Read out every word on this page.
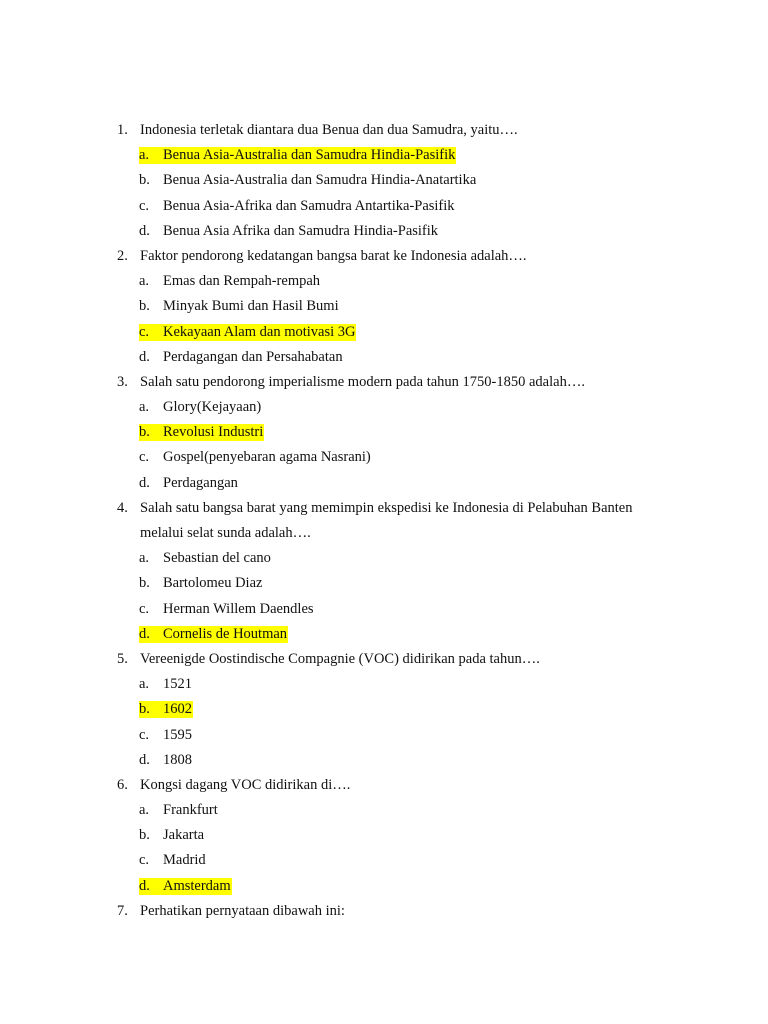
1. Indonesia terletak diantara dua Benua dan dua Samudra, yaitu….
a. Benua Asia-Australia dan Samudra Hindia-Pasifik
b. Benua Asia-Australia dan Samudra Hindia-Anatartika
c. Benua Asia-Afrika dan Samudra Antartika-Pasifik
d. Benua Asia Afrika dan Samudra Hindia-Pasifik
2. Faktor pendorong kedatangan bangsa barat ke Indonesia adalah….
a. Emas dan Rempah-rempah
b. Minyak Bumi dan Hasil Bumi
c. Kekayaan Alam dan motivasi 3G
d. Perdagangan dan Persahabatan
3. Salah satu pendorong imperialisme modern pada tahun 1750-1850 adalah….
a. Glory(Kejayaan)
b. Revolusi Industri
c. Gospel(penyebaran agama Nasrani)
d. Perdagangan
4. Salah satu bangsa barat yang memimpin ekspedisi ke Indonesia di Pelabuhan Banten
melalui selat sunda adalah….
a. Sebastian del cano
b. Bartolomeu Diaz
c. Herman Willem Daendles
d. Cornelis de Houtman
5. Vereenigde Oostindische Compagnie (VOC) didirikan pada tahun….
a. 1521
b. 1602
c. 1595
d. 1808
6. Kongsi dagang VOC didirikan di….
a. Frankfurt
b. Jakarta
c. Madrid
d. Amsterdam
7. Perhatikan pernyataan dibawah ini:
